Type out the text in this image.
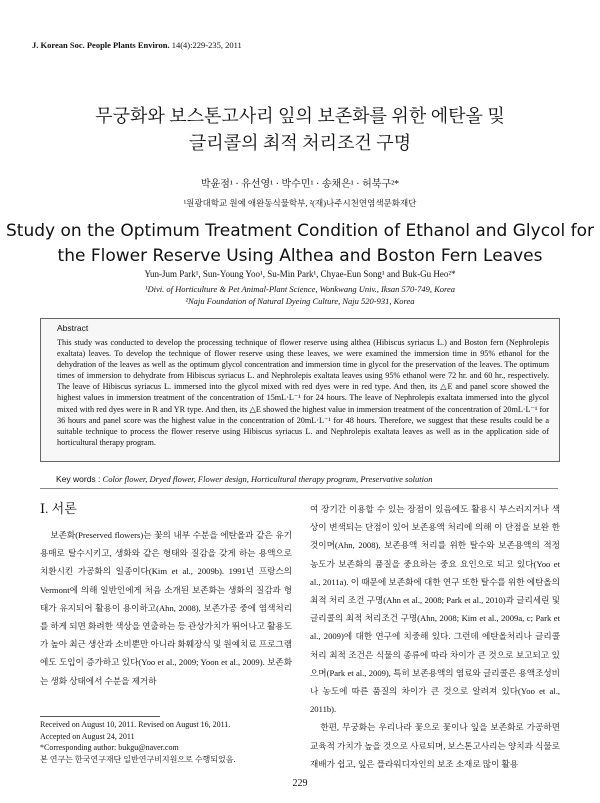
J. Korean Soc. People Plants Environ. 14(4):229-235, 2011
무궁화와 보스톤고사리 잎의 보존화를 위한 에탄올 및
글리콜의 최적 처리조건 구명
박윤점¹ · 유선영¹ · 박수민¹ · 송채은¹ · 허북구²*
¹원광대학교 원예 애완동식물학부, ²(재)나주시천연염색문화재단
Study on the Optimum Treatment Condition of Ethanol and Glycol for
the Flower Reserve Using Althea and Boston Fern Leaves
Yun-Jum Park¹, Sun-Young Yoo¹, Su-Min Park¹, Chyae-Eun Song¹ and Buk-Gu Heo²*
¹Divi. of Horticulture & Pet Animal-Plant Science, Wonkwang Univ., Iksan 570-749, Korea
²Naju Foundation of Natural Dyeing Culture, Naju 520-931, Korea
Abstract
This study was conducted to develop the processing technique of flower reserve using althea (Hibiscus syriacus L.) and Boston fern (Nephrolepis exaltata) leaves. To develop the technique of flower reserve using these leaves, we were examined the immersion time in 95% ethanol for the dehydration of the leaves as well as the optimum glycol concentration and immersion time in glycol for the preservation of the leaves. The optimum times of immersion to dehydrate from Hibiscus syriacus L. and Nephrolepis exaltata leaves using 95% ethanol were 72 hr. and 60 hr., respectively. The leave of Hibiscus syriacus L. immersed into the glycol mixed with red dyes were in red type. And then, its △E and panel score showed the highest values in immersion treatment of the concentration of 15mL·L⁻¹ for 24 hours. The leave of Nephrolepis exaltata immersed into the glycol mixed with red dyes were in R and YR type. And then, its △E showed the highest value in immersion treatment of the concentration of 20mL·L⁻¹ for 36 hours and panel score was the highest value in the concentration of 20mL·L⁻¹ for 48 hours. Therefore, we suggest that these results could be a suitable technique to process the flower reserve using Hibiscus syriacus L. and Nephrolepis exaltata leaves as well as in the application side of horticultural therapy program.
Key words : Color flower, Dryed flower, Flower design, Horticultural therapy program, Preservative solution
Ⅰ. 서론

보존화(Preserved flowers)는 꽃의 내부 수분을 에탄올과 같은 유기용매로 탈수시키고, 생화와 같은 형태와 질감을 갖게 하는 용액으로 치환시킨 가공화의 일종이다(Kim et al., 2009b). 1991년 프랑스의 Vermont에 의해 일반인에게 처음 소개된 보존화는 생화의 질감과 형태가 유지되어 활용이 용이하고(Ahn, 2008), 보존가공 중에 염색처리를 하게 되면 화려한 색상을 연출하는 등 관상가치가 뛰어나고 활용도가 높아 최근 생산과 소비뿐만 아니라 화훼장식 및 원예치료 프로그램에도 도입이 증가하고 있다(Yoo et al., 2009; Yoon et al., 2009). 보존화는 생화 상태에서 수분을 제거하

여 장기간 이용할 수 있는 장점이 있음에도 활용시 부스러지거나 색상이 변색되는 단점이 있어 보존용액 처리에 의해 이 단점을 보완 한 것이며(Ahn, 2008), 보존용액 처리를 위한 탈수와 보존용액의 적정 농도가 보존화의 품질을 중요하는 중요 요인으로 되고 있다(Yoo et al., 2011a). 이 때문에 보존화에 대한 연구 또한 탈수를 위한 에탄올의 최적 처리 조건 구명(Ahn et al., 2008; Park et al., 2010)과 글리세린 및 글리콜의 최적 처리조건 구명(Ahn, 2008; Kim et al., 2009a, c; Park et al., 2009)에 대한 연구에 치중해 있다. 그런데 에탄올처리나 글리콜 처리 최적 조건은 식물의 종류에 따라 차이가 큰 것으로 보고되고 있으며(Park et al., 2009), 특히 보존용액의 염료와 글리콜은 용액조성비나 농도에 따른 품질의 차이가 큰 것으로 알려져 있다(Yoo et al., 2011b).

한편, 무궁화는 우리나라 꽃으로 꽃이나 잎을 보존화로 가공하면 교육적 가치가 높을 것으로 사료되며, 보스톤고사리는 양치과 식물로 재배가 쉽고, 잎은 플라워디자인의 보조 소재로 많이 활용

Received on August 10, 2011. Revised on August 16, 2011.
Accepted on August 24, 2011
*Corresponding author: bukgu@naver.com
본 연구는 한국연구재단 일반연구비지원으로 수행되었음.
229
